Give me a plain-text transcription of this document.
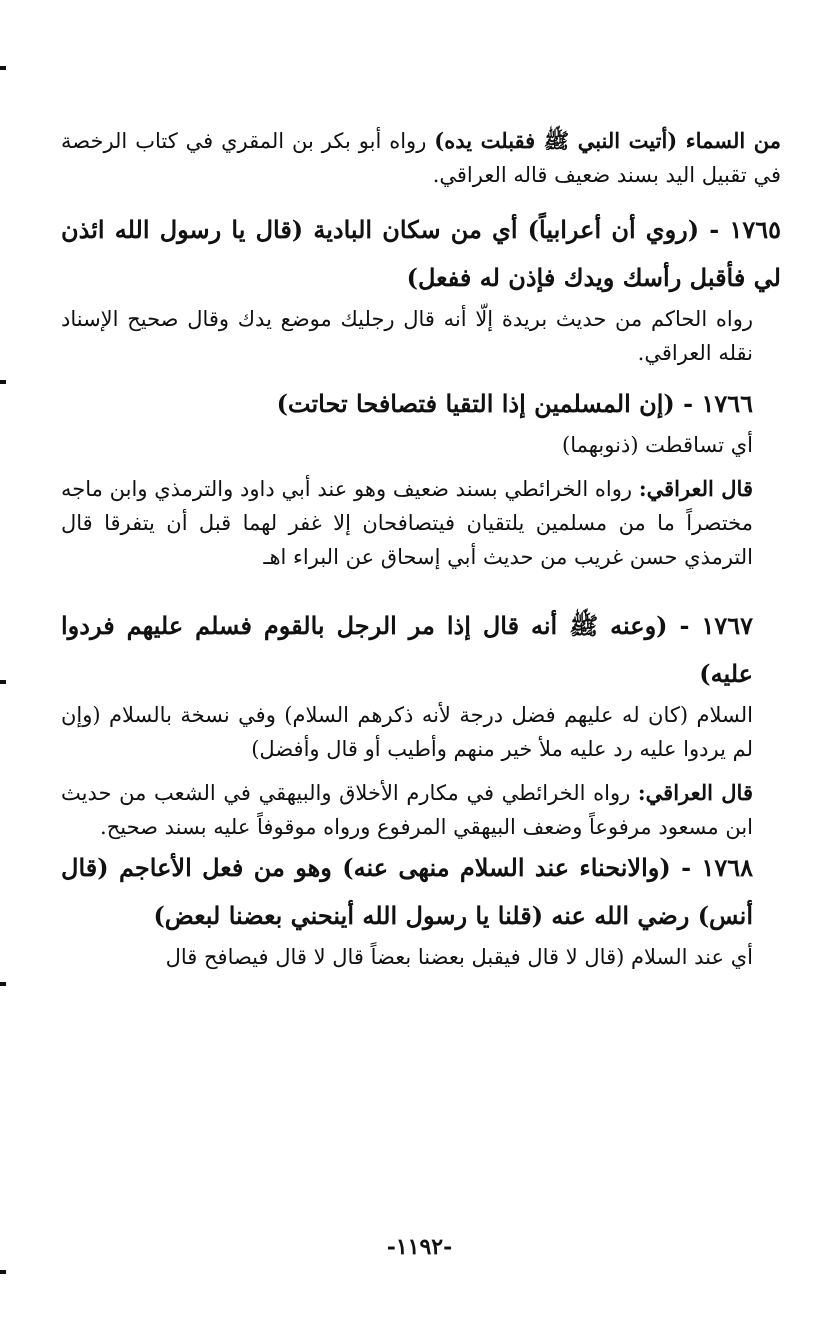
من السماء (أتيت النبي ﷺ فقبلت يده) رواه أبو بكر بن المقري في كتاب الرخصة في تقبيل اليد بسند ضعيف قاله العراقي.

١٧٦٥ - (روي أن أعرابياً) أي من سكان البادية (قال يا رسول الله ائذن لي فأقبل رأسك ويدك فإذن له ففعل)

رواه الحاكم من حديث بريدة إلّا أنه قال رجليك موضع يدك وقال صحيح الإسناد نقله العراقي.

١٧٦٦ - (إن المسلمين إذا التقيا فتصافحا تحاتت)

أي تساقطت (ذنوبهما)

قال العراقي: رواه الخرائطي بسند ضعيف وهو عند أبي داود والترمذي وابن ماجه مختصراً ما من مسلمين يلتقيان فيتصافحان إلا غفر لهما قبل أن يتفرقا قال الترمذي حسن غريب من حديث أبي إسحاق عن البراء اهـ

١٧٦٧ - (وعنه ﷺ أنه قال إذا مر الرجل بالقوم فسلم عليهم فردوا عليه)

السلام (كان له عليهم فضل درجة لأنه ذكرهم السلام) وفي نسخة بالسلام (وإن لم يردوا عليه رد عليه ملأ خير منهم وأطيب أو قال وأفضل)

قال العراقي: رواه الخرائطي في مكارم الأخلاق والبيهقي في الشعب من حديث ابن مسعود مرفوعاً وضعف البيهقي المرفوع ورواه موقوفاً عليه بسند صحيح.

١٧٦٨ - (والانحناء عند السلام منهى عنه) وهو من فعل الأعاجم (قال أنس) رضي الله عنه (قلنا يا رسول الله أينحني بعضنا لبعض)

أي عند السلام (قال لا قال فيقبل بعضنا بعضاً قال لا قال فيصافح قال

-١١٩٢-
